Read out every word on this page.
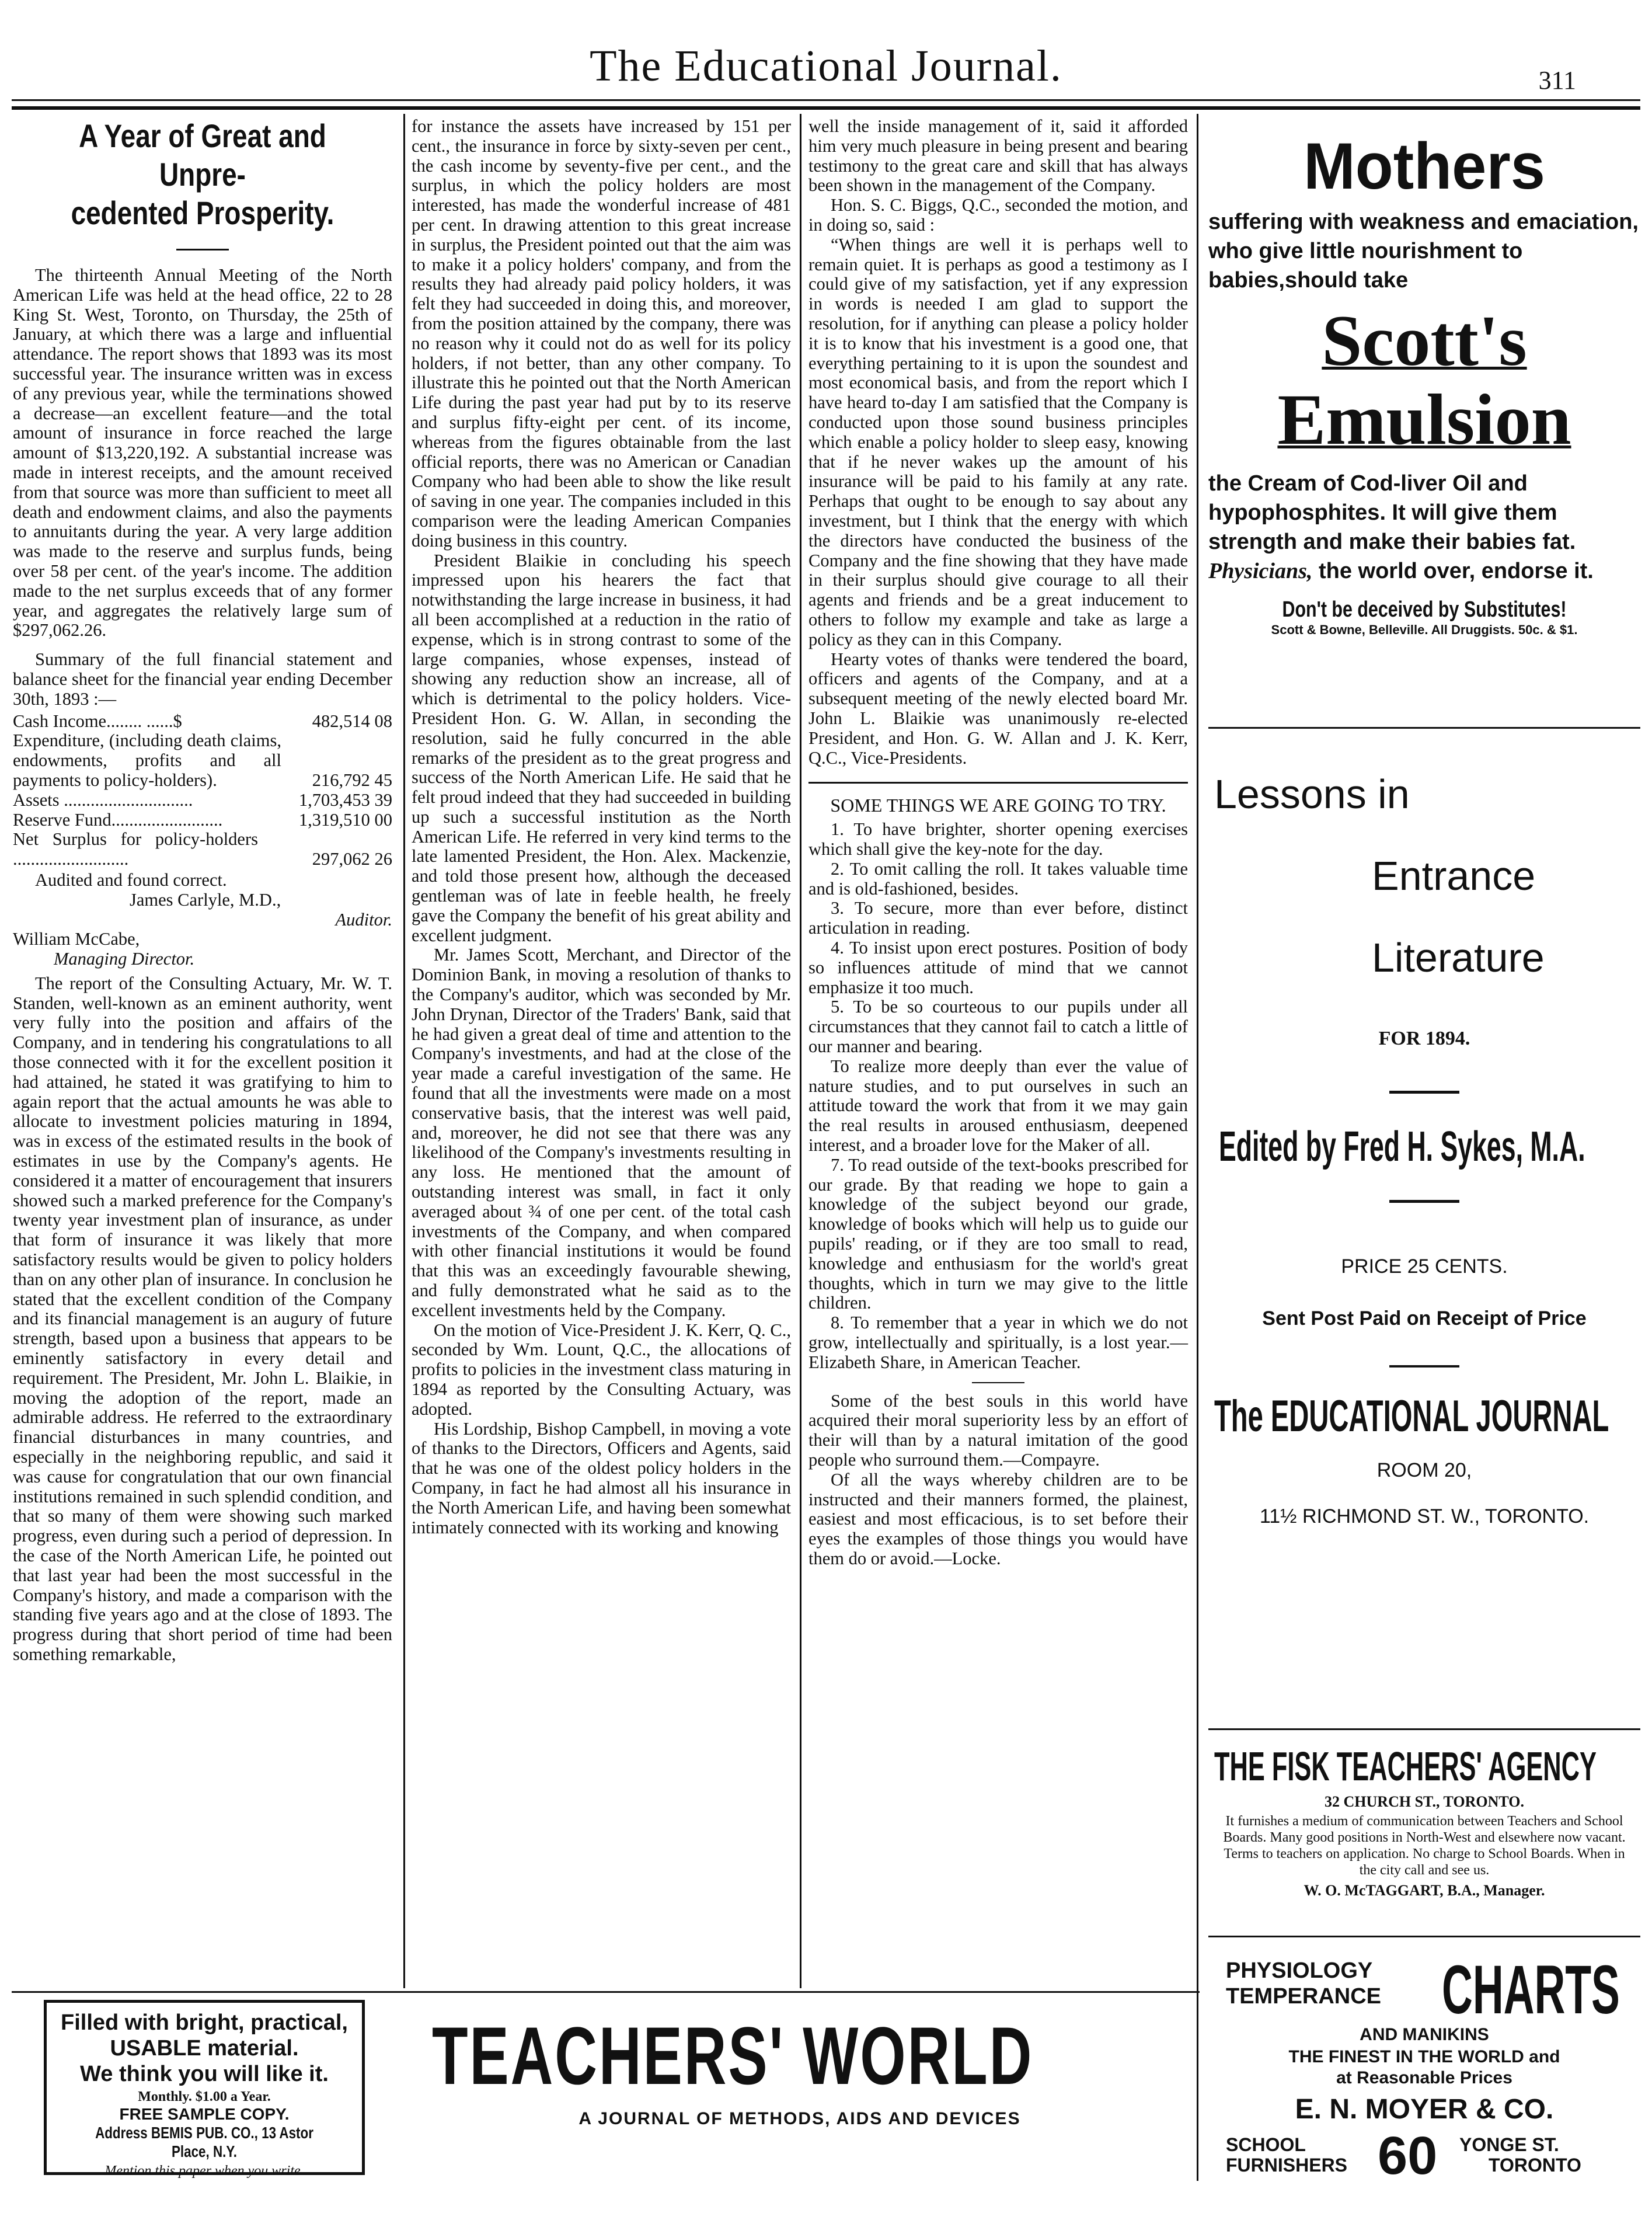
The Educational Journal.	311
A Year of Great and Unpre-
cedented Prosperity.

The thirteenth Annual Meeting of the North American Life was held at the head office, 22 to 28 King St. West, Toronto, on Thursday, the 25th of January, at which there was a large and influential attendance. The report shows that 1893 was its most successful year. The insurance written was in excess of any previous year, while the terminations showed a decrease—an excellent feature—and the total amount of insurance in force reached the large amount of $13,220,192. A substantial increase was made in interest receipts, and the amount received from that source was more than sufficient to meet all death and endowment claims, and also the payments to annuitants during the year. A very large addition was made to the reserve and surplus funds, being over 58 per cent. of the year's income. The addition made to the net surplus exceeds that of any former year, and aggregates the relatively large sum of $297,062.26.

Summary of the full financial statement and balance sheet for the financial year ending December 30th, 1893 :—

Cash Income........ ......$	482,514 08
Expenditure, (including death claims, endowments, profits and all payments to policy-holders).	216,792 45
Assets .............................	1,703,453 39
Reserve Fund.........................	1,319,510 00
Net Surplus for policy-holders ..........................	297,062 26

Audited and found correct.

James Carlyle, M.D.,
Auditor.
William McCabe,
Managing Director.

The report of the Consulting Actuary, Mr. W. T. Standen, well-known as an eminent authority, went very fully into the position and affairs of the Company, and in tendering his congratulations to all those connected with it for the excellent position it had attained, he stated it was gratifying to him to again report that the actual amounts he was able to allocate to investment policies maturing in 1894, was in excess of the estimated results in the book of estimates in use by the Company's agents. He considered it a matter of encouragement that insurers showed such a marked preference for the Company's twenty year investment plan of insurance, as under that form of insurance it was likely that more satisfactory results would be given to policy holders than on any other plan of insurance. In conclusion he stated that the excellent condition of the Company and its financial management is an augury of future strength, based upon a business that appears to be eminently satisfactory in every detail and requirement. The President, Mr. John L. Blaikie, in moving the adoption of the report, made an admirable address. He referred to the extraordinary financial disturbances in many countries, and especially in the neighboring republic, and said it was cause for congratulation that our own financial institutions remained in such splendid condition, and that so many of them were showing such marked progress, even during such a period of depression. In the case of the North American Life, he pointed out that last year had been the most successful in the Company's history, and made a comparison with the standing five years ago and at the close of 1893. The progress during that short period of time had been something remarkable,

for instance the assets have increased by 151 per cent., the insurance in force by sixty-seven per cent., the cash income by seventy-five per cent., and the surplus, in which the policy holders are most interested, has made the wonderful increase of 481 per cent. In drawing attention to this great increase in surplus, the President pointed out that the aim was to make it a policy holders' company, and from the results they had already paid policy holders, it was felt they had succeeded in doing this, and moreover, from the position attained by the company, there was no reason why it could not do as well for its policy holders, if not better, than any other company. To illustrate this he pointed out that the North American Life during the past year had put by to its reserve and surplus fifty-eight per cent. of its income, whereas from the figures obtainable from the last official reports, there was no American or Canadian Company who had been able to show the like result of saving in one year. The companies included in this comparison were the leading American Companies doing business in this country.

President Blaikie in concluding his speech impressed upon his hearers the fact that notwithstanding the large increase in business, it had all been accomplished at a reduction in the ratio of expense, which is in strong contrast to some of the large companies, whose expenses, instead of showing any reduction show an increase, all of which is detrimental to the policy holders. Vice-President Hon. G. W. Allan, in seconding the resolution, said he fully concurred in the able remarks of the president as to the great progress and success of the North American Life. He said that he felt proud indeed that they had succeeded in building up such a successful institution as the North American Life. He referred in very kind terms to the late lamented President, the Hon. Alex. Mackenzie, and told those present how, although the deceased gentleman was of late in feeble health, he freely gave the Company the benefit of his great ability and excellent judgment.

Mr. James Scott, Merchant, and Director of the Dominion Bank, in moving a resolution of thanks to the Company's auditor, which was seconded by Mr. John Drynan, Director of the Traders' Bank, said that he had given a great deal of time and attention to the Company's investments, and had at the close of the year made a careful investigation of the same. He found that all the investments were made on a most conservative basis, that the interest was well paid, and, moreover, he did not see that there was any likelihood of the Company's investments resulting in any loss. He mentioned that the amount of outstanding interest was small, in fact it only averaged about ¾ of one per cent. of the total cash investments of the Company, and when compared with other financial institutions it would be found that this was an exceedingly favourable shewing, and fully demonstrated what he said as to the excellent investments held by the Company.

On the motion of Vice-President J. K. Kerr, Q. C., seconded by Wm. Lount, Q.C., the allocations of profits to policies in the investment class maturing in 1894 as reported by the Consulting Actuary, was adopted.

His Lordship, Bishop Campbell, in moving a vote of thanks to the Directors, Officers and Agents, said that he was one of the oldest policy holders in the Company, in fact he had almost all his insurance in the North American Life, and having been somewhat intimately connected with its working and knowing

well the inside management of it, said it afforded him very much pleasure in being present and bearing testimony to the great care and skill that has always been shown in the management of the Company.

Hon. S. C. Biggs, Q.C., seconded the motion, and in doing so, said :

“When things are well it is perhaps well to remain quiet. It is perhaps as good a testimony as I could give of my satisfaction, yet if any expression in words is needed I am glad to support the resolution, for if anything can please a policy holder it is to know that his investment is a good one, that everything pertaining to it is upon the soundest and most economical basis, and from the report which I have heard to-day I am satisfied that the Company is conducted upon those sound business principles which enable a policy holder to sleep easy, knowing that if he never wakes up the amount of his insurance will be paid to his family at any rate. Perhaps that ought to be enough to say about any investment, but I think that the energy with which the directors have conducted the business of the Company and the fine showing that they have made in their surplus should give courage to all their agents and friends and be a great inducement to others to follow my example and take as large a policy as they can in this Company.

Hearty votes of thanks were tendered the board, officers and agents of the Company, and at a subsequent meeting of the newly elected board Mr. John L. Blaikie was unanimously re-elected President, and Hon. G. W. Allan and J. K. Kerr, Q.C., Vice-Presidents.

SOME THINGS WE ARE GOING TO TRY.

1. To have brighter, shorter opening exercises which shall give the key-note for the day.

2. To omit calling the roll. It takes valuable time and is old-fashioned, besides.

3. To secure, more than ever before, distinct articulation in reading.

4. To insist upon erect postures. Position of body so influences attitude of mind that we cannot emphasize it too much.

5. To be so courteous to our pupils under all circumstances that they cannot fail to catch a little of our manner and bearing.

To realize more deeply than ever the value of nature studies, and to put ourselves in such an attitude toward the work that from it we may gain the real results in aroused enthusiasm, deepened interest, and a broader love for the Maker of all.

7. To read outside of the text-books prescribed for our grade. By that reading we hope to gain a knowledge of the subject beyond our grade, knowledge of books which will help us to guide our pupils' reading, or if they are too small to read, knowledge and enthusiasm for the world's great thoughts, which in turn we may give to the little children.

8. To remember that a year in which we do not grow, intellectually and spiritually, is a lost year.—Elizabeth Share, in American Teacher.

Some of the best souls in this world have acquired their moral superiority less by an effort of their will than by a natural imitation of the good people who surround them.—Compayre.

Of all the ways whereby children are to be instructed and their manners formed, the plainest, easiest and most efficacious, is to set before their eyes the examples of those things you would have them do or avoid.—Locke.

Mothers
suffering with weakness and emaciation, who give little nourishment to babies,should take
Scott's
Emulsion
the Cream of Cod-liver Oil and hypophosphites. It will give them strength and make their babies fat. Physicians, the world over, endorse it.
Don't be deceived by Substitutes!
Scott & Bowne, Belleville. All Druggists. 50c. & $1.
Lessons in
Entrance
Literature
FOR 1894.
Edited by Fred H. Sykes, M.A.
PRICE 25 CENTS.
Sent Post Paid on Receipt of Price
The EDUCATIONAL JOURNAL
ROOM 20,
11½ RICHMOND ST. W., TORONTO.
THE FISK TEACHERS' AGENCY
32 CHURCH ST., TORONTO.
It furnishes a medium of communication between Teachers and School Boards. Many good positions in North-West and elsewhere now vacant. Terms to teachers on application. No charge to School Boards. When in the city call and see us.
W. O. McTAGGART, B.A., Manager.
PHYSIOLOGY
TEMPERANCE CHARTS
AND MANIKINS
THE FINEST IN THE WORLD and
at Reasonable Prices
E. N. MOYER & CO.
SCHOOL
FURNISHERS 60 YONGE ST.
TORONTO
Filled with bright, practical, USABLE material.
We think you will like it.
Monthly. $1.00 a Year.
FREE SAMPLE COPY.
Address BEMIS PUB. CO., 13 Astor Place, N.Y.
Mention this paper when you write.
TEACHERS' WORLD
A JOURNAL OF METHODS, AIDS AND DEVICES
